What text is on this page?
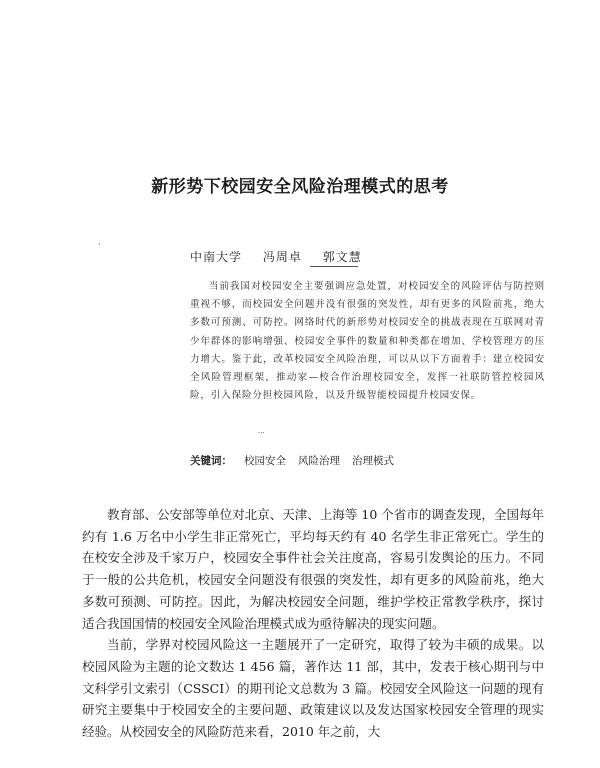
新形势下校园安全风险治理模式的思考
·
中南大学 冯周卓 郭文慧

当前我国对校园安全主要强调应急处置，对校园安全的风险评估与防控则重视不够，而校园安全问题并没有很强的突发性，却有更多的风险前兆，绝大多数可预测、可防控。网络时代的新形势对校园安全的挑战表现在互联网对青少年群体的影响增强、校园安全事件的数量和种类都在增加、学校管理方的压力增大。鉴于此，改革校园安全风险治理，可以从以下方面着手：建立校园安全风险管理框架，推动家—校合作治理校园安全，发挥一社联防管控校园风险，引入保险分担校园风险，以及升级智能校园提升校园安保。

...
关键词： 校园安全 风险治理 治理模式

教育部、公安部等单位对北京、天津、上海等 10 个省市的调查发现，全国每年约有 1.6 万名中小学生非正常死亡，平均每天约有 40 名学生非正常死亡。学生的在校安全涉及千家万户，校园安全事件社会关注度高，容易引发舆论的压力。不同于一般的公共危机，校园安全问题没有很强的突发性，却有更多的风险前兆，绝大多数可预测、可防控。因此，为解决校园安全问题，维护学校正常教学秩序，探讨适合我国国情的校园安全风险治理模式成为亟待解决的现实问题。

当前，学界对校园风险这一主题展开了一定研究，取得了较为丰硕的成果。以校园风险为主题的论文数达 1 456 篇，著作达 11 部，其中，发表于核心期刊与中文科学引文索引（CSSCI）的期刊论文总数为 3 篇。校园安全风险这一问题的现有研究主要集中于校园安全的主要问题、政策建议以及发达国家校园安全管理的现实经验。从校园安全的风险防范来看，2010 年之前，大
